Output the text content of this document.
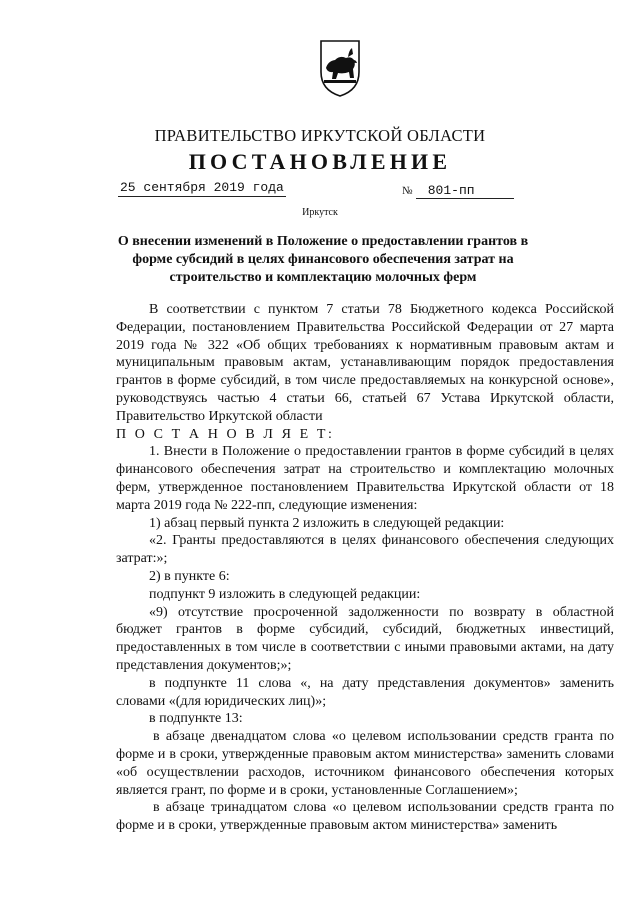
ПРАВИТЕЛЬСТВО ИРКУТСКОЙ ОБЛАСТИ
ПОСТАНОВЛЕНИЕ
25 сентября 2019 года	№ 801-пп
Иркутск
О внесении изменений в Положение о предоставлении грантов в форме субсидий в целях финансового обеспечения затрат на строительство и комплектацию молочных ферм

В соответствии с пунктом 7 статьи 78 Бюджетного кодекса Российской Федерации, постановлением Правительства Российской Федерации от 27 марта 2019 года № 322 «Об общих требованиях к нормативным правовым актам и муниципальным правовым актам, устанавливающим порядок предоставления грантов в форме субсидий, в том числе предоставляемых на конкурсной основе», руководствуясь частью 4 статьи 66, статьей 67 Устава Иркутской области, Правительство Иркутской области

П О С Т А Н О В Л Я Е Т:

1. Внести в Положение о предоставлении грантов в форме субсидий в целях финансового обеспечения затрат на строительство и комплектацию молочных ферм, утвержденное постановлением Правительства Иркутской области от 18 марта 2019 года № 222-пп, следующие изменения:

1) абзац первый пункта 2 изложить в следующей редакции:

«2. Гранты предоставляются в целях финансового обеспечения следующих затрат:»;

2) в пункте 6:

подпункт 9 изложить в следующей редакции:

«9) отсутствие просроченной задолженности по возврату в областной бюджет грантов в форме субсидий, субсидий, бюджетных инвестиций, предоставленных в том числе в соответствии с иными правовыми актами, на дату представления документов;»;

в подпункте 11 слова «, на дату представления документов» заменить словами «(для юридических лиц)»;

в подпункте 13:

в абзаце двенадцатом слова «о целевом использовании средств гранта по форме и в сроки, утвержденные правовым актом министерства» заменить словами «об осуществлении расходов, источником финансового обеспечения которых является грант, по форме и в сроки, установленные Соглашением»;

в абзаце тринадцатом слова «о целевом использовании средств гранта по форме и в сроки, утвержденные правовым актом министерства» заменить
